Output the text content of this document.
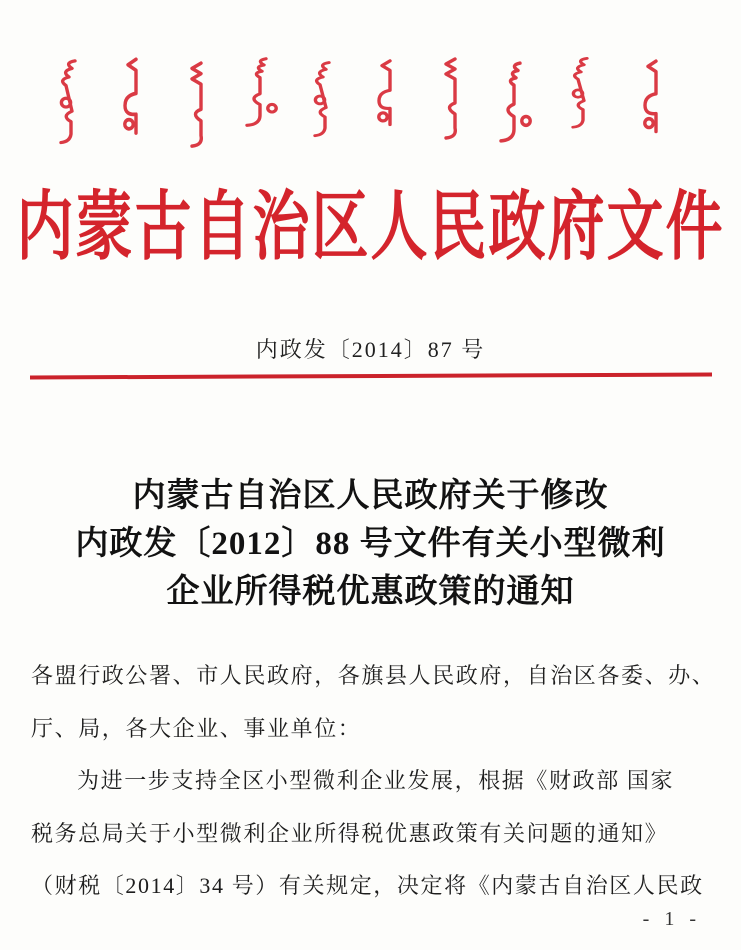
内蒙古自治区人民政府文件
内政发〔2014〕87 号
内蒙古自治区人民政府关于修改
内政发〔2012〕88 号文件有关小型微利
企业所得税优惠政策的通知
各盟行政公署、市人民政府，各旗县人民政府，自治区各委、办、
厅、局，各大企业、事业单位：
为进一步支持全区小型微利企业发展，根据《财政部 国家
税务总局关于小型微利企业所得税优惠政策有关问题的通知》
（财税〔2014〕34 号）有关规定，决定将《内蒙古自治区人民政
- 1 -
